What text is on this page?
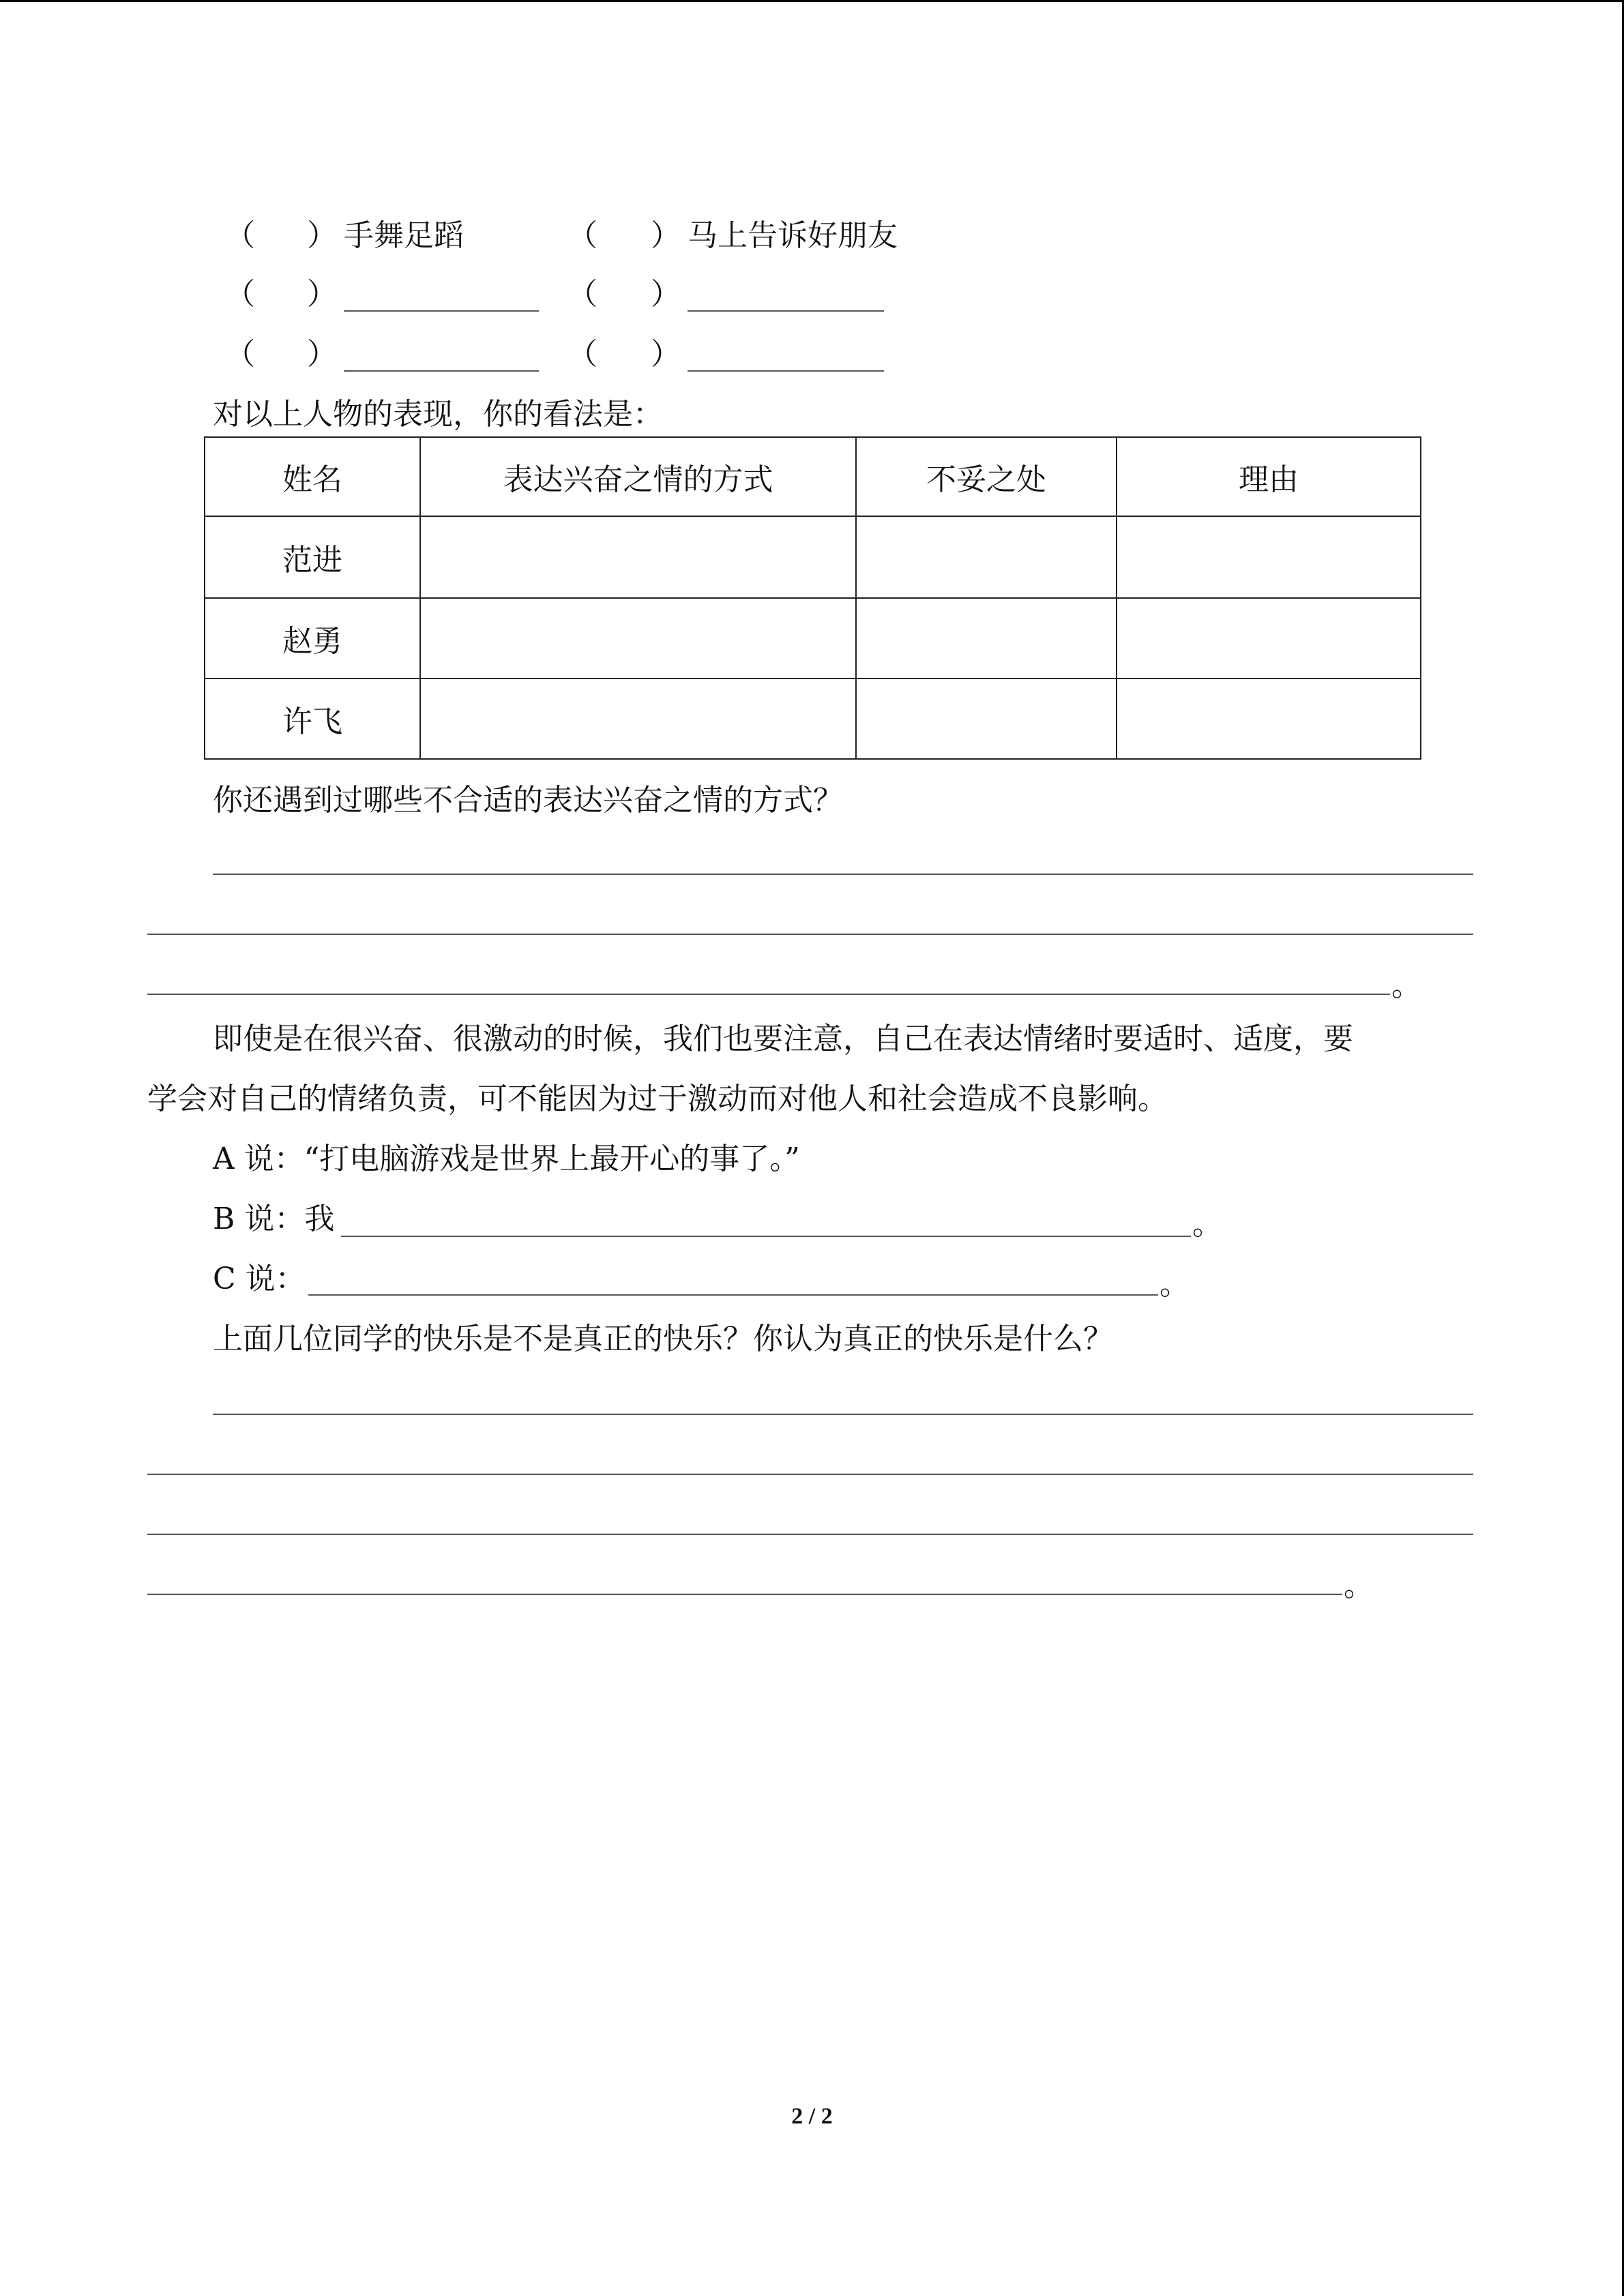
（ ） 手舞足蹈	（ ） 马上告诉好朋友
（ ）	（ ）
（ ）	（ ）
对以上人物的表现，你的看法是：
姓名	表达兴奋之情的方式	不妥之处	理由
范进			
赵勇			
许飞			
你还遇到过哪些不合适的表达兴奋之情的方式？
。
即使是在很兴奋、很激动的时候，我们也要注意，自己在表达情绪时要适时、适度，要
学会对自己的情绪负责，可不能因为过于激动而对他人和社会造成不良影响。
A 说：“打电脑游戏是世界上最开心的事了。”
B 说：我	。
C 说：	。
上面几位同学的快乐是不是真正的快乐？你认为真正的快乐是什么？
。
2 / 2
